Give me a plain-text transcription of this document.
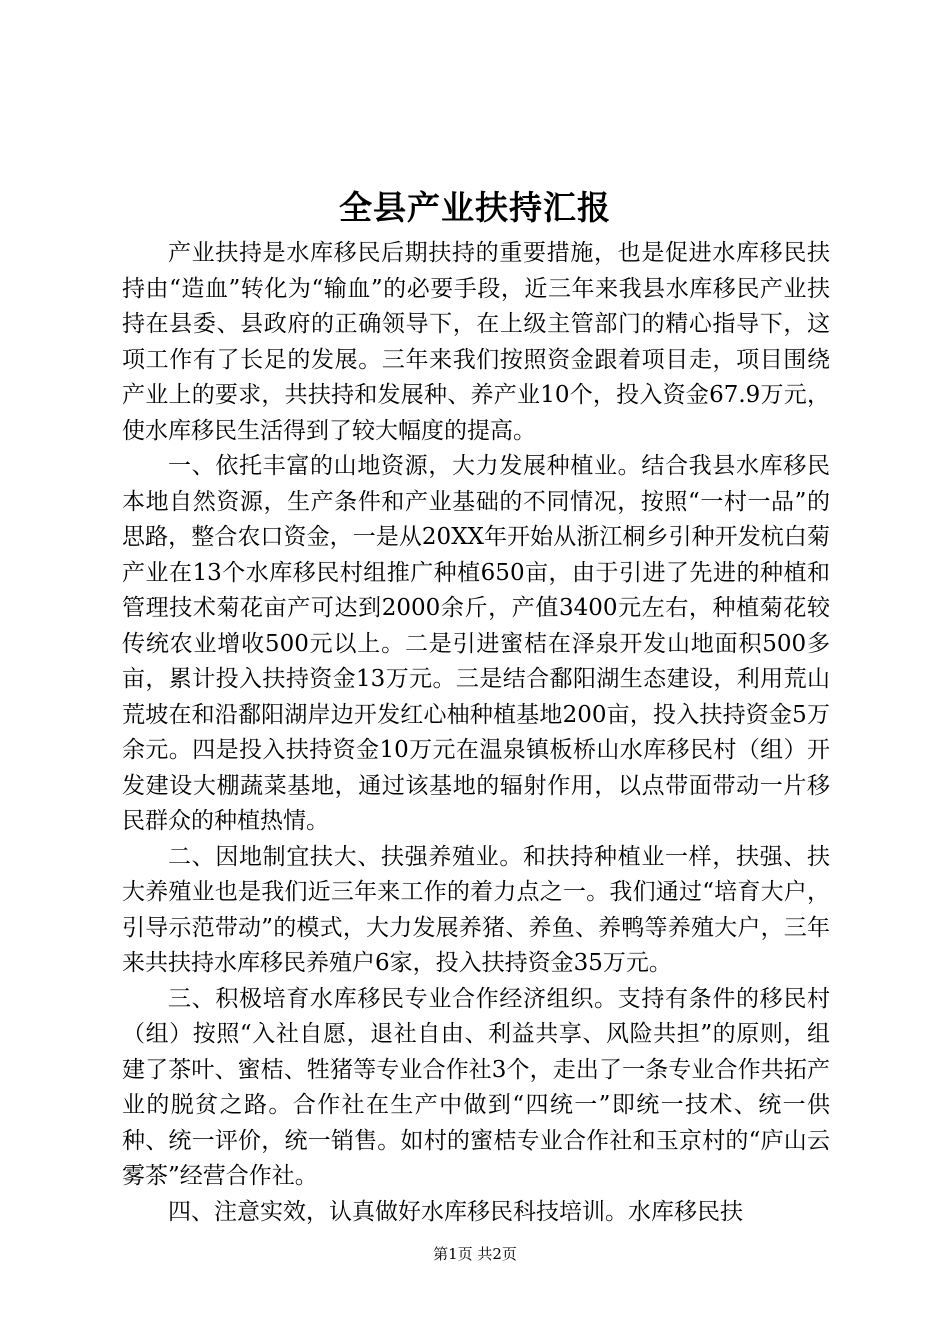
全县产业扶持汇报

产业扶持是水库移民后期扶持的重要措施，也是促进水库移民扶持由“造血”转化为“输血”的必要手段，近三年来我县水库移民产业扶持在县委、县政府的正确领导下，在上级主管部门的精心指导下，这项工作有了长足的发展。三年来我们按照资金跟着项目走，项目围绕产业上的要求，共扶持和发展种、养产业10个，投入资金67.9万元，使水库移民生活得到了较大幅度的提高。

一、依托丰富的山地资源，大力发展种植业。结合我县水库移民本地自然资源，生产条件和产业基础的不同情况，按照“一村一品”的思路，整合农口资金，一是从20XX年开始从浙江桐乡引种开发杭白菊产业在13个水库移民村组推广种植650亩，由于引进了先进的种植和管理技术菊花亩产可达到2000余斤，产值3400元左右，种植菊花较传统农业增收500元以上。二是引进蜜桔在泽泉开发山地面积500多亩，累计投入扶持资金13万元。三是结合鄱阳湖生态建设，利用荒山荒坡在和沿鄱阳湖岸边开发红心柚种植基地200亩，投入扶持资金5万余元。四是投入扶持资金10万元在温泉镇板桥山水库移民村（组）开发建设大棚蔬菜基地，通过该基地的辐射作用，以点带面带动一片移民群众的种植热情。

二、因地制宜扶大、扶强养殖业。和扶持种植业一样，扶强、扶大养殖业也是我们近三年来工作的着力点之一。我们通过“培育大户，引导示范带动”的模式，大力发展养猪、养鱼、养鸭等养殖大户，三年来共扶持水库移民养殖户6家，投入扶持资金35万元。

三、积极培育水库移民专业合作经济组织。支持有条件的移民村（组）按照“入社自愿，退社自由、利益共享、风险共担”的原则，组建了茶叶、蜜桔、牲猪等专业合作社3个，走出了一条专业合作共拓产业的脱贫之路。合作社在生产中做到“四统一”即统一技术、统一供种、统一评价，统一销售。如村的蜜桔专业合作社和玉京村的“庐山云雾茶”经营合作社。

四、注意实效，认真做好水库移民科技培训。水库移民扶

第1页 共2页
